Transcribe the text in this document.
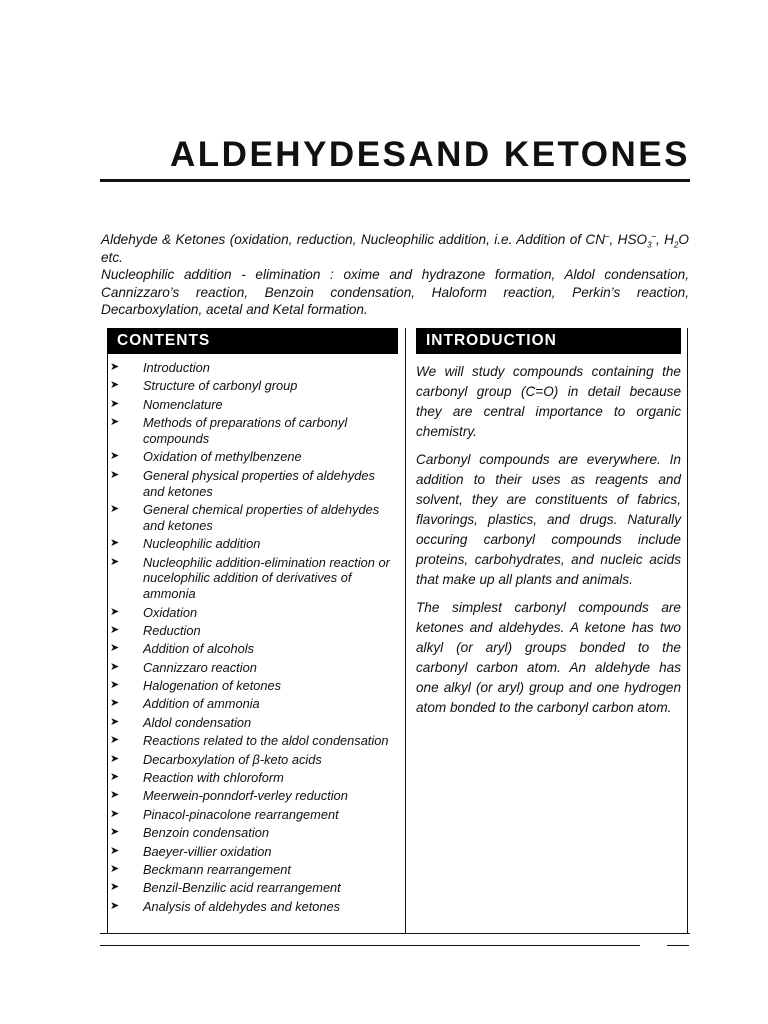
ALDEHYDESAND KETONES

Aldehyde & Ketones (oxidation, reduction, Nucleophilic addition, i.e. Addition of CN–, $HSO_3^-$, $H_2O$ etc.

Nucleophilic addition - elimination : oxime and hydrazone formation, Aldol condensation, Cannizzaro’s reaction, Benzoin condensation, Haloform reaction, Perkin’s reaction, Decarboxylation, acetal and Ketal formation.

CONTENTS	INTRODUCTION
➤ Introduction
➤ Structure of carbonyl group
➤ Nomenclature
➤ Methods of preparations of carbonyl compounds
➤ Oxidation of methylbenzene
➤ General physical properties of aldehydes and ketones
➤ General chemical properties of aldehydes and ketones
➤ Nucleophilic addition
➤ Nucleophilic addition-elimination reaction or nucelophilic addition of derivatives of ammonia
➤ Oxidation
➤ Reduction
➤ Addition of alcohols
➤ Cannizzaro reaction
➤ Halogenation of ketones
➤ Addition of ammonia
➤ Aldol condensation
➤ Reactions related to the aldol condensation
➤ Decarboxylation of β-keto acids
➤ Reaction with chloroform
➤ Meerwein-ponndorf-verley reduction
➤ Pinacol-pinacolone rearrangement
➤ Benzoin condensation
➤ Baeyer-villier oxidation
➤ Beckmann rearrangement
➤ Benzil-Benzilic acid rearrangement
➤ Analysis of aldehydes and ketones

We will study compounds containing the carbonyl group (C=O) in detail because they are central importance to organic chemistry.

Carbonyl compounds are everywhere. In addition to their uses as reagents and solvent, they are constituents of fabrics, flavorings, plastics, and drugs. Naturally occuring carbonyl compounds include proteins, carbohydrates, and nucleic acids that make up all plants and animals.

The simplest carbonyl compounds are ketones and aldehydes. A ketone has two alkyl (or aryl) groups bonded to the carbonyl carbon atom. An aldehyde has one alkyl (or aryl) group and one hydrogen atom bonded to the carbonyl carbon atom.
